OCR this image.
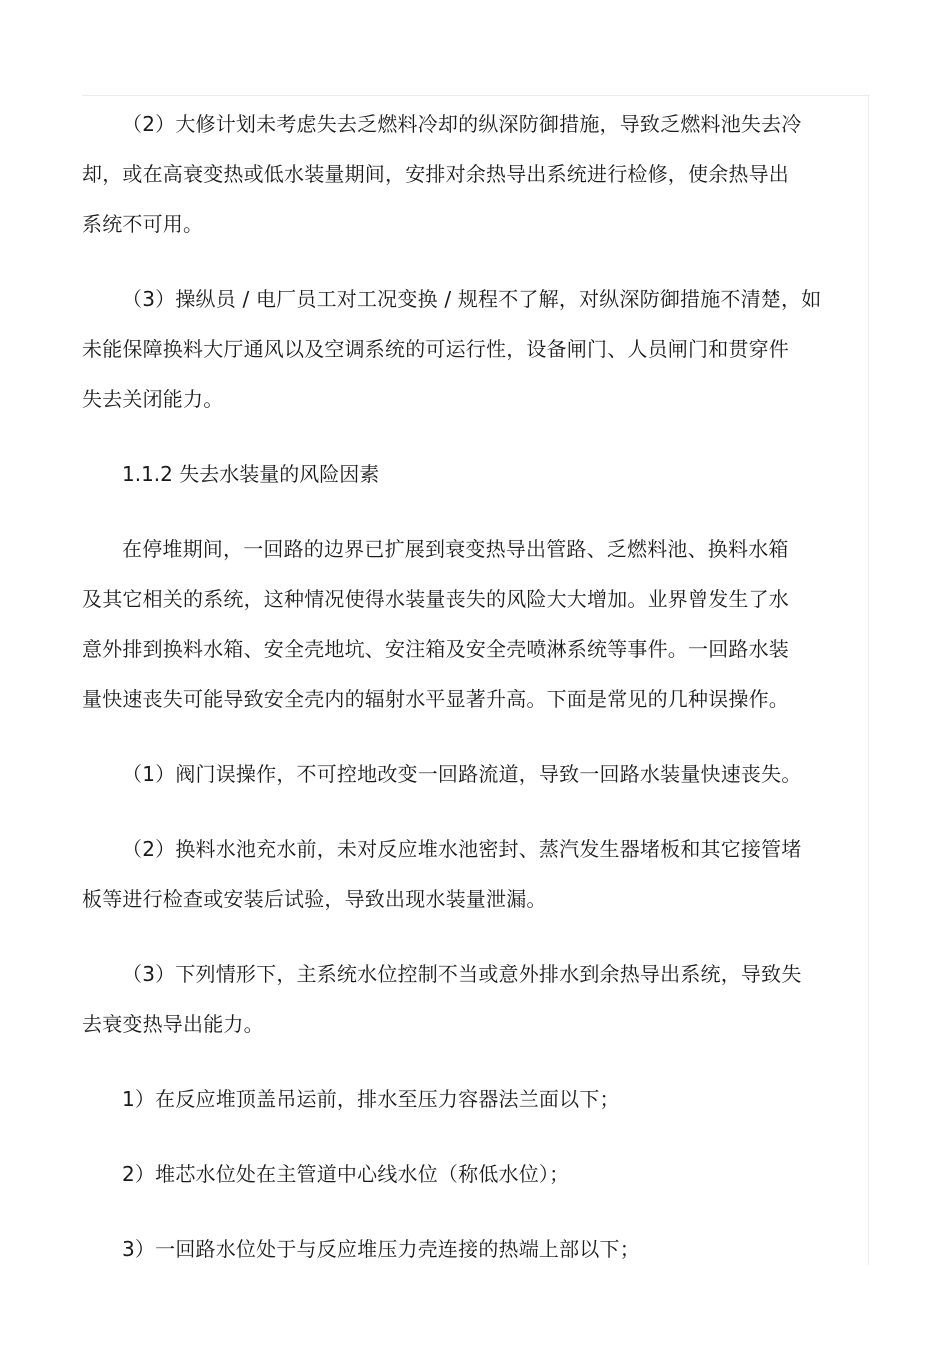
（2）大修计划未考虑失去乏燃料冷却的纵深防御措施，导致乏燃料池失去冷
却，或在高衰变热或低水装量期间，安排对余热导出系统进行检修，使余热导出
系统不可用。
（3）操纵员 / 电厂员工对工况变换 / 规程不了解，对纵深防御措施不清楚，如
未能保障换料大厅通风以及空调系统的可运行性，设备闸门、人员闸门和贯穿件
失去关闭能力。
1.1.2 失去水装量的风险因素
在停堆期间，一回路的边界已扩展到衰变热导出管路、乏燃料池、换料水箱
及其它相关的系统，这种情况使得水装量丧失的风险大大增加。业界曾发生了水
意外排到换料水箱、安全壳地坑、安注箱及安全壳喷淋系统等事件。一回路水装
量快速丧失可能导致安全壳内的辐射水平显著升高。下面是常见的几种误操作。
（1）阀门误操作，不可控地改变一回路流道，导致一回路水装量快速丧失。
（2）换料水池充水前，未对反应堆水池密封、蒸汽发生器堵板和其它接管堵
板等进行检查或安装后试验，导致出现水装量泄漏。
（3）下列情形下，主系统水位控制不当或意外排水到余热导出系统，导致失
去衰变热导出能力。
1）在反应堆顶盖吊运前，排水至压力容器法兰面以下；
2）堆芯水位处在主管道中心线水位（称低水位）；
3）一回路水位处于与反应堆压力壳连接的热端上部以下；
